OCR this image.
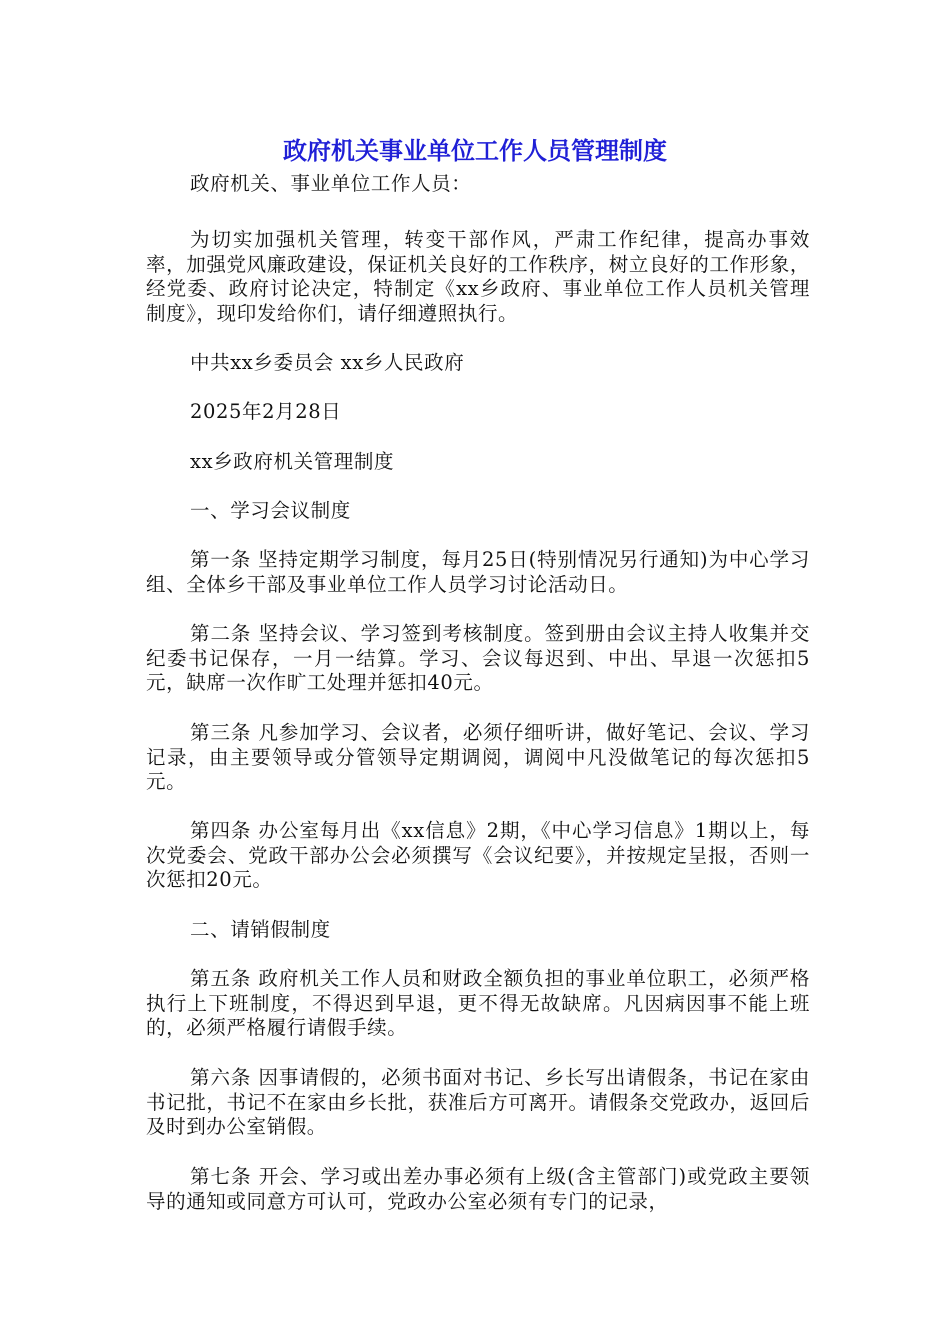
政府机关事业单位工作人员管理制度

政府机关、事业单位工作人员：

为切实加强机关管理，转变干部作风，严肃工作纪律，提高办事效率，加强党风廉政建设，保证机关良好的工作秩序，树立良好的工作形象，经党委、政府讨论决定，特制定《xx乡政府、事业单位工作人员机关管理制度》，现印发给你们，请仔细遵照执行。

中共xx乡委员会 xx乡人民政府

2025年2月28日

xx乡政府机关管理制度

一、学习会议制度

第一条 坚持定期学习制度，每月25日(特别情况另行通知)为中心学习组、全体乡干部及事业单位工作人员学习讨论活动日。

第二条 坚持会议、学习签到考核制度。签到册由会议主持人收集并交纪委书记保存，一月一结算。学习、会议每迟到、中出、早退一次惩扣5元，缺席一次作旷工处理并惩扣40元。

第三条 凡参加学习、会议者，必须仔细听讲，做好笔记、会议、学习记录，由主要领导或分管领导定期调阅，调阅中凡没做笔记的每次惩扣5元。

第四条 办公室每月出《xx信息》2期，《中心学习信息》1期以上，每次党委会、党政干部办公会必须撰写《会议纪要》，并按规定呈报，否则一次惩扣20元。

二、请销假制度

第五条 政府机关工作人员和财政全额负担的事业单位职工，必须严格执行上下班制度，不得迟到早退，更不得无故缺席。凡因病因事不能上班的，必须严格履行请假手续。

第六条 因事请假的，必须书面对书记、乡长写出请假条，书记在家由书记批，书记不在家由乡长批，获准后方可离开。请假条交党政办，返回后及时到办公室销假。

第七条 开会、学习或出差办事必须有上级(含主管部门)或党政主要领导的通知或同意方可认可，党政办公室必须有专门的记录，
